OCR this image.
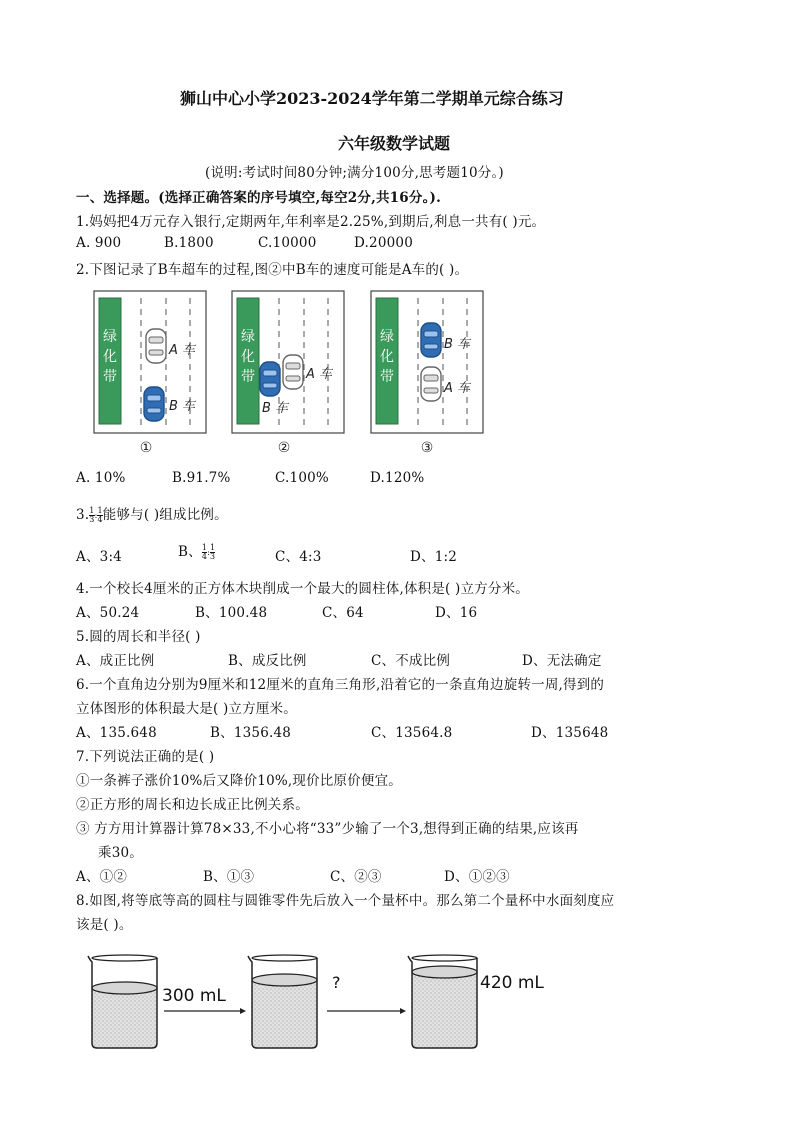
狮山中心小学2023-2024学年第二学期单元综合练习
六年级数学试题
(说明:考试时间80分钟;满分100分,思考题10分。)
一、选择题。(选择正确答案的序号填空,每空2分,共16分。).
1.妈妈把4万元存入银行,定期两年,年利率是2.25%,到期后,利息一共有( )元。
A. 900	B.1800	C.10000	D.20000
2.下图记录了B车超车的过程,图②中B车的速度可能是A车的( )。
绿
化
带
A 车
B 车
①
绿
化
带	A 车
B 车
②
绿
化
带
B 车
A 车
③
A. 10%	B.91.7%	C.100%	D.120%
3. $\frac{1}{3}$ : $\frac{1}{4}$ 能够与( )组成比例。
A、3:4	B、 $\frac{1}{4}$ : $\frac{1}{3}$	C、4:3	D、1:2
4.一个校长4厘米的正方体木块削成一个最大的圆柱体,体积是( )立方分米。
A、50.24	B、100.48	C、64	D、16
5.圆的周长和半径( )
A、成正比例	B、成反比例	C、不成比例	D、无法确定
6.一个直角边分别为9厘米和12厘米的直角三角形,沿着它的一条直角边旋转一周,得到的
立体图形的体积最大是( )立方厘米。
A、135.648	B、1356.48	C、13564.8	D、135648
7.下列说法正确的是( )
①一条裤子涨价10%后又降价10%,现价比原价便宜。
②正方形的周长和边长成正比例关系。
③ 方方用计算器计算78×33,不小心将“33”少输了一个3,想得到正确的结果,应该再
乘30。
A、①②	B、①③	C、②③	D、①②③
8.如图,将等底等高的圆柱与圆锥零件先后放入一个量杯中。那么第二个量杯中水面刻度应
该是( )。
300 mL
?	420 mL
